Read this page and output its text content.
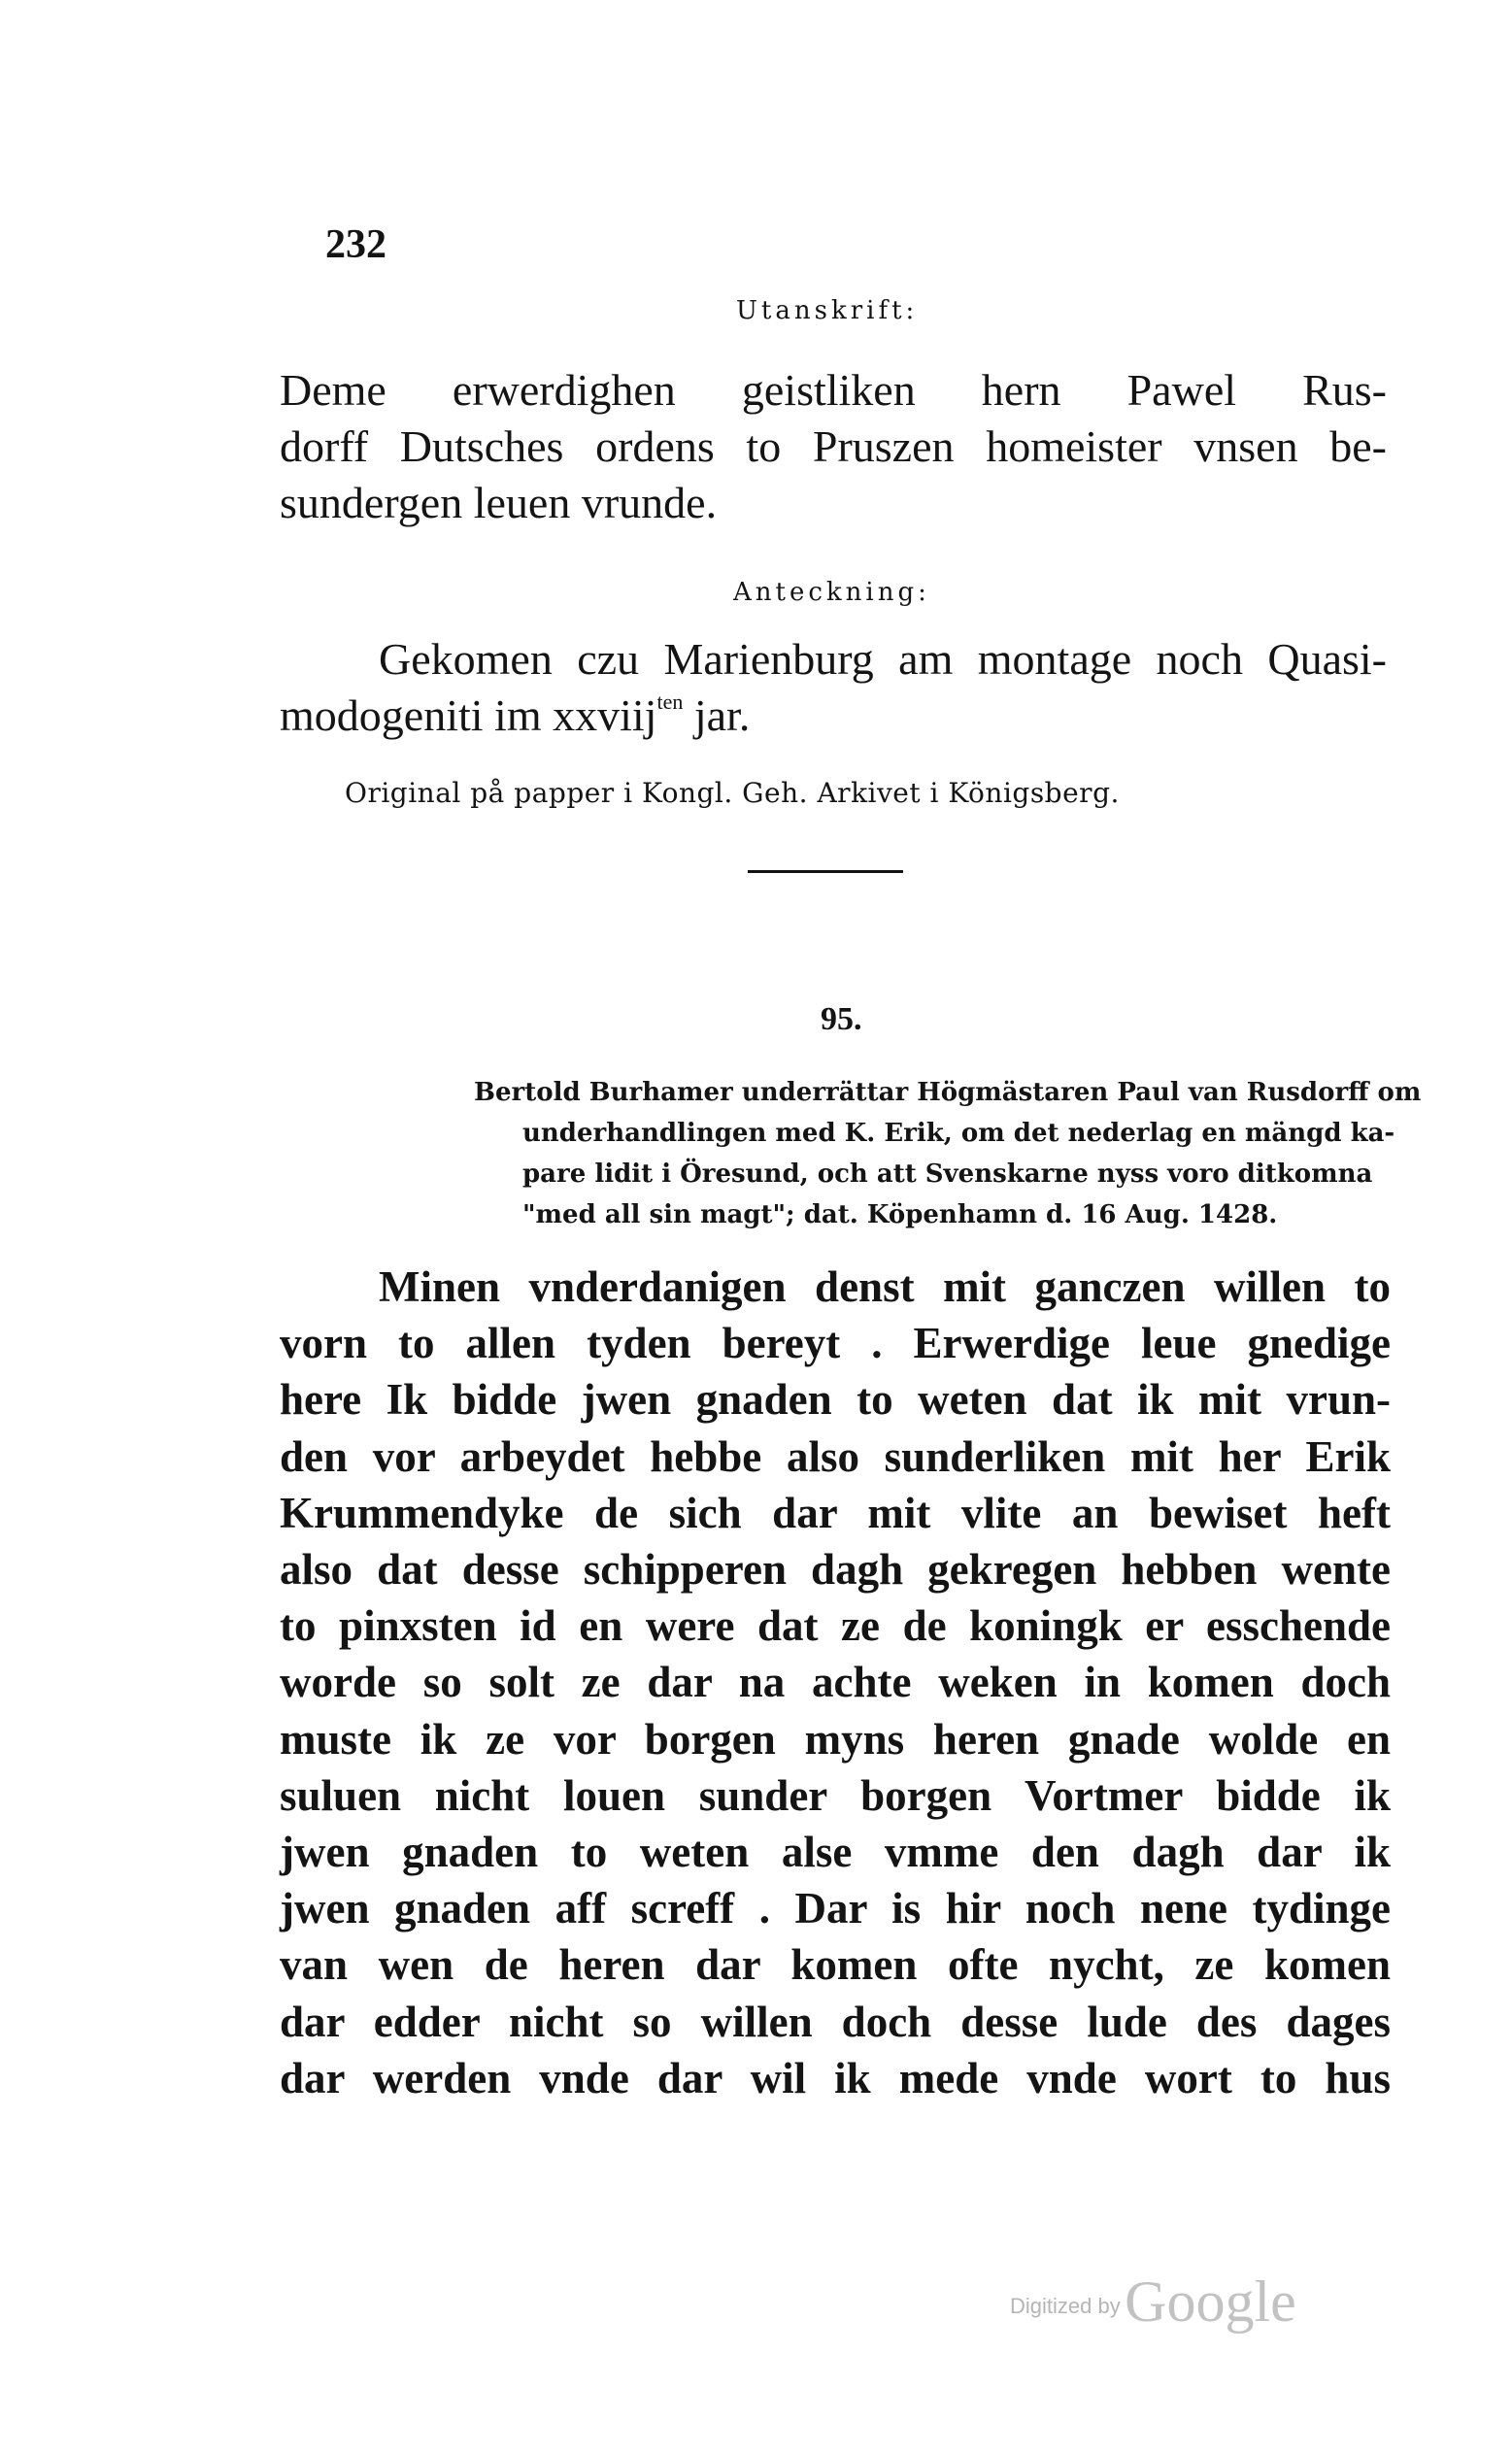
232
Utanskrift:

Deme erwerdighen geistliken hern Pawel Rus-

dorff Dutsches ordens to Pruszen homeister vnsen be-

sundergen leuen vrunde.

Anteckning:

Gekomen czu Marienburg am montage noch Quasi-

modogeniti im xxviij$^{ten}$ jar.

Original på papper i Kongl. Geh. Arkivet i Königsberg.
95.
Bertold Burhamer underrättar Högmästaren Paul van Rusdorff om
underhandlingen med K. Erik, om det nederlag en mängd ka-
pare lidit i Öresund, och att Svenskarne nyss voro ditkomna
"med all sin magt"; dat. Köpenhamn d. 16 Aug. 1428.
Minen vnderdanigen denst mit ganczen willen to
vorn to allen tyden bereyt . Erwerdige leue gnedige
here Ik bidde jwen gnaden to weten dat ik mit vrun-
den vor arbeydet hebbe also sunderliken mit her Erik
Krummendyke de sich dar mit vlite an bewiset heft
also dat desse schipperen dagh gekregen hebben wente
to pinxsten id en were dat ze de koningk er esschende
worde so solt ze dar na achte weken in komen doch
muste ik ze vor borgen myns heren gnade wolde en
suluen nicht louen sunder borgen Vortmer bidde ik
jwen gnaden to weten alse vmme den dagh dar ik
jwen gnaden aff screff . Dar is hir noch nene tydinge
van wen de heren dar komen ofte nycht, ze komen
dar edder nicht so willen doch desse lude des dages
dar werden vnde dar wil ik mede vnde wort to hus
Digitized by Google
